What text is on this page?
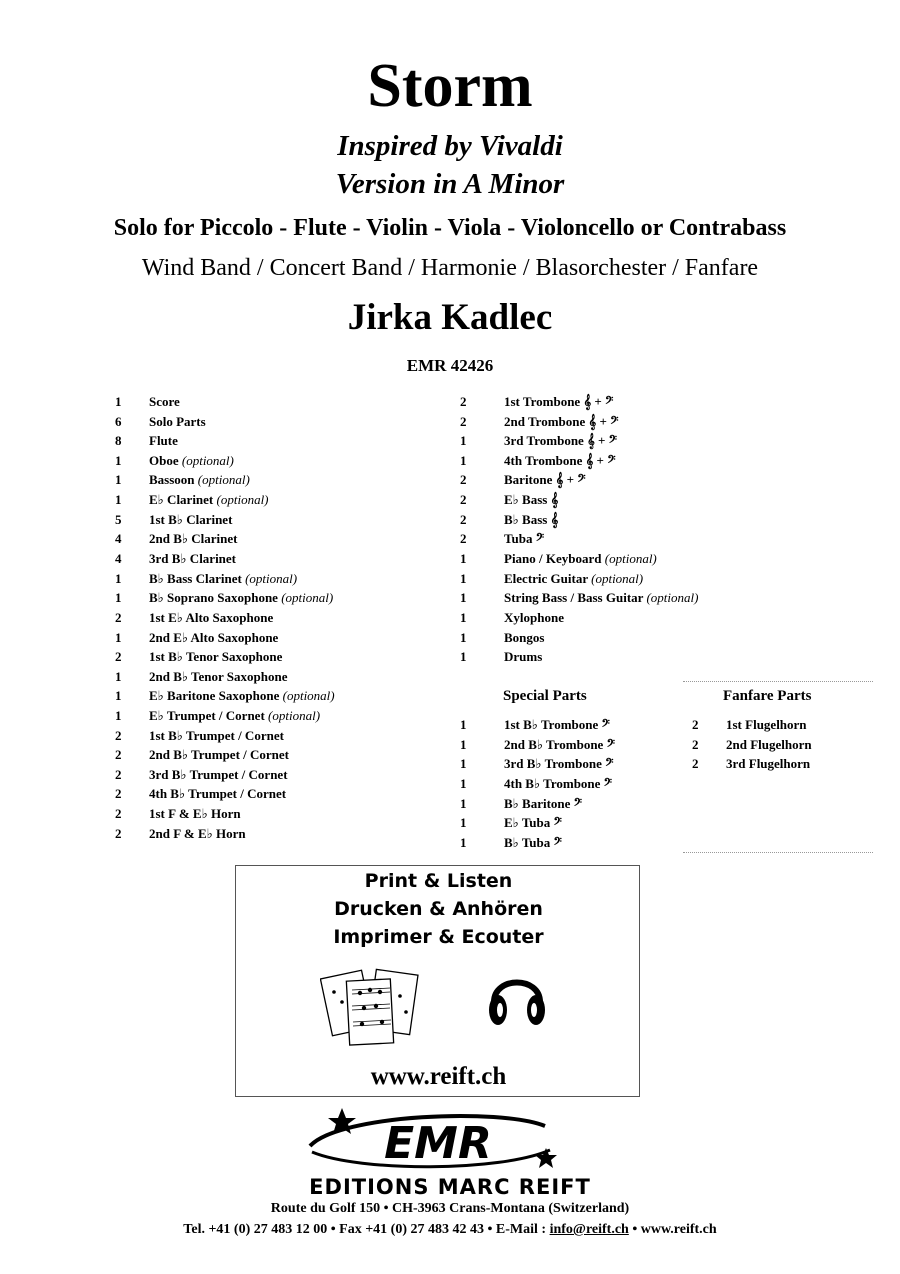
Storm
Inspired by Vivaldi
Version in A Minor
Solo for Piccolo - Flute - Violin - Viola - Violoncello or Contrabass
Wind Band / Concert Band / Harmonie / Blasorchester / Fanfare
Jirka Kadlec
EMR 42426
1	Score
6	Solo Parts
8	Flute
1	Oboe (optional)
1	Bassoon (optional)
1	E♭ Clarinet (optional)
5	1st B♭ Clarinet
4	2nd B♭ Clarinet
4	3rd B♭ Clarinet
1	B♭ Bass Clarinet (optional)
1	B♭ Soprano Saxophone (optional)
2	1st E♭ Alto Saxophone
1	2nd E♭ Alto Saxophone
2	1st B♭ Tenor Saxophone
1	2nd B♭ Tenor Saxophone
1	E♭ Baritone Saxophone (optional)
1	E♭ Trumpet / Cornet (optional)
2	1st B♭ Trumpet / Cornet
2	2nd B♭ Trumpet / Cornet
2	3rd B♭ Trumpet / Cornet
2	4th B♭ Trumpet / Cornet
2	1st F & E♭ Horn
2	2nd F & E♭ Horn
2	1st Trombone 𝄞 + 𝄢
2	2nd Trombone 𝄞 + 𝄢
1	3rd Trombone 𝄞 + 𝄢
1	4th Trombone 𝄞 + 𝄢
2	Baritone 𝄞 + 𝄢
2	E♭ Bass 𝄞
2	B♭ Bass 𝄞
2	Tuba 𝄢
1	Piano / Keyboard (optional)
1	Electric Guitar (optional)
1	String Bass / Bass Guitar (optional)
1	Xylophone
1	Bongos
1	Drums
Special Parts
1	1st B♭ Trombone 𝄢
1	2nd B♭ Trombone 𝄢
1	3rd B♭ Trombone 𝄢
1	4th B♭ Trombone 𝄢
1	B♭ Baritone 𝄢
1	E♭ Tuba 𝄢
1	B♭ Tuba 𝄢
Fanfare Parts
2	1st Flugelhorn
2	2nd Flugelhorn
2	3rd Flugelhorn
Print & Listen
Drucken & Anhören
Imprimer & Ecouter
www.reift.ch
EMR
EDITIONS MARC REIFT
Route du Golf 150 • CH-3963 Crans-Montana (Switzerland)
Tel. +41 (0) 27 483 12 00 • Fax +41 (0) 27 483 42 43 • E-Mail : info@reift.ch • www.reift.ch
